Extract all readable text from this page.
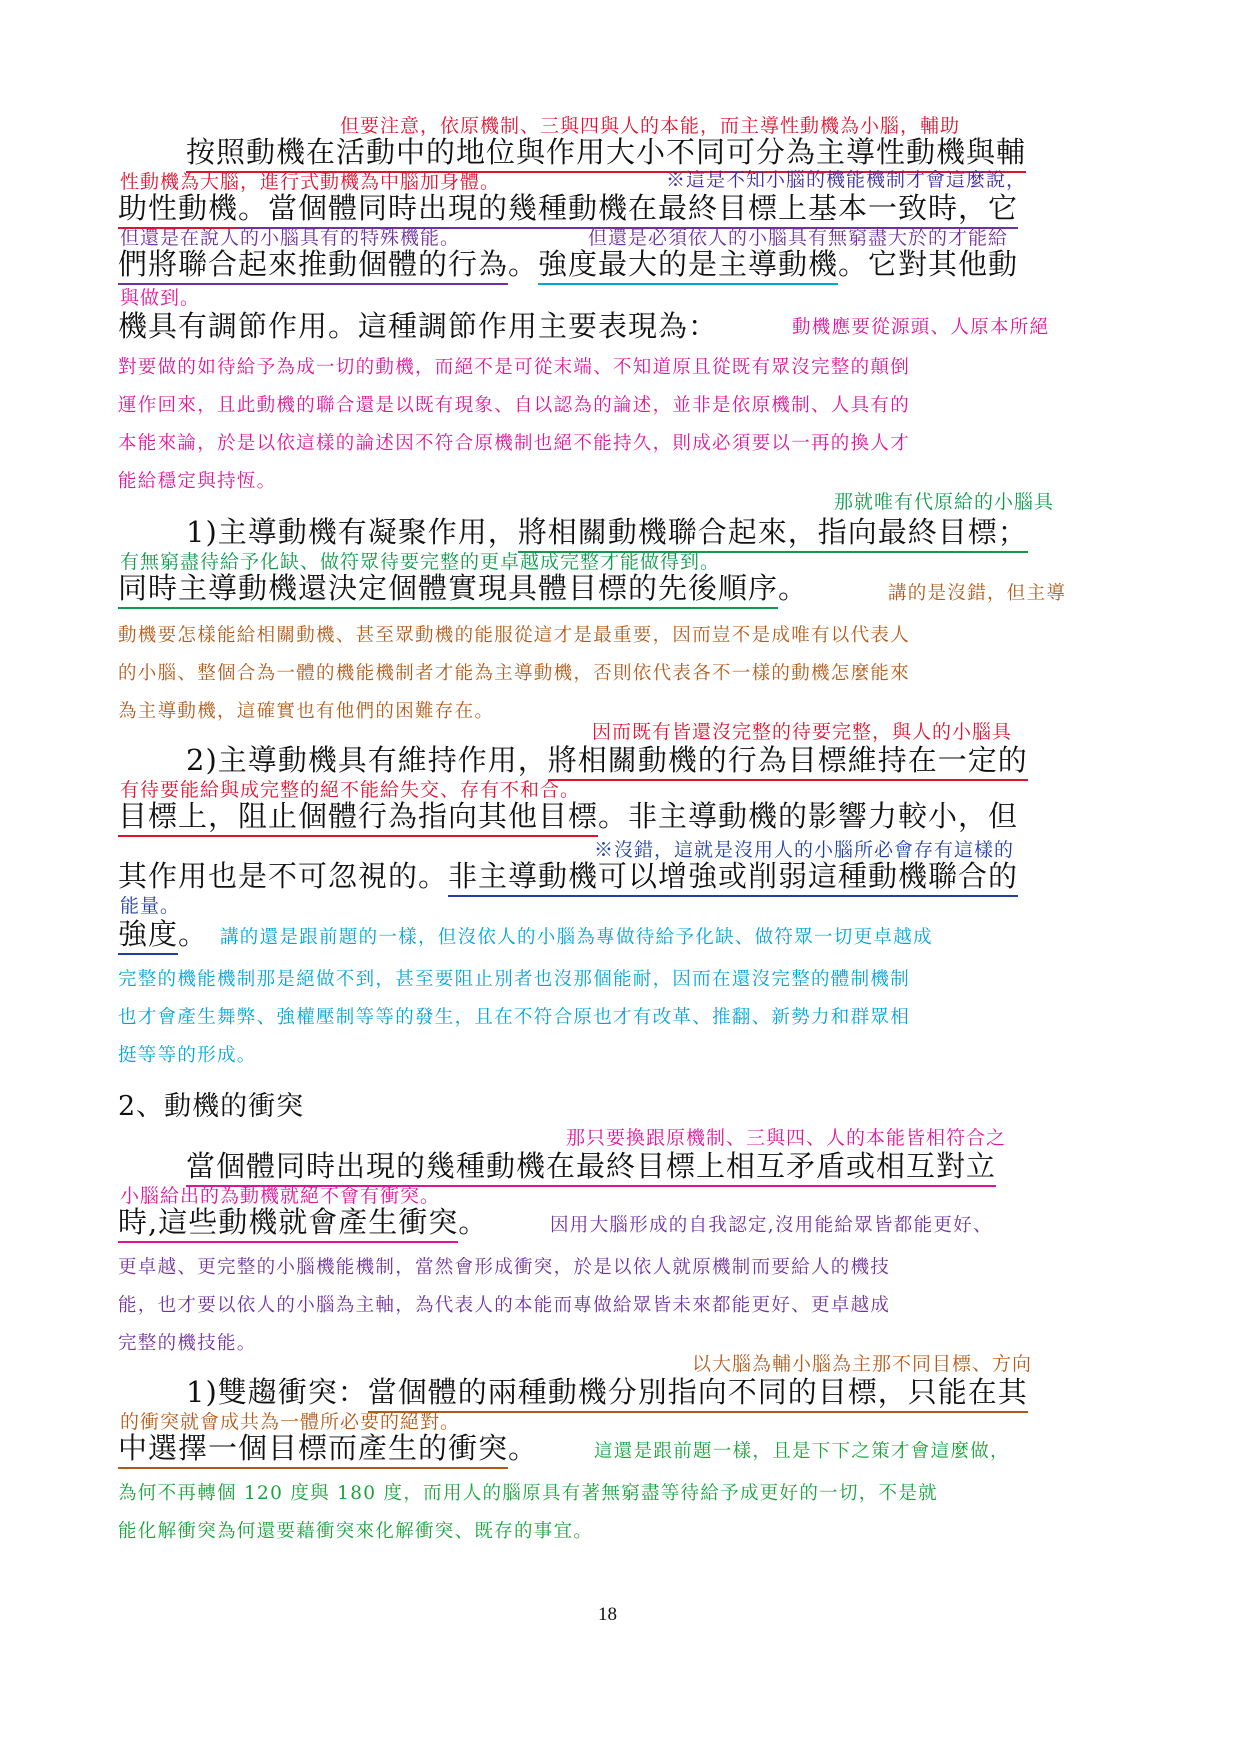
但要注意，依原機制、三與四與人的本能，而主導性動機為小腦，輔助
按照動機在活動中的地位與作用大小不同可分為主導性動機與輔
性動機為大腦，進行式動機為中腦加身體。	※這是不知小腦的機能機制才會這麼說，
助性動機。當個體同時出現的幾種動機在最終目標上基本一致時，它
但還是在說人的小腦具有的特殊機能。	但還是必須依人的小腦具有無窮盡大於的才能給
們將聯合起來推動個體的行為。強度最大的是主導動機。它對其他動
與做到。
機具有調節作用。這種調節作用主要表現為：	動機應要從源頭、人原本所絕
對要做的如待給予為成一切的動機，而絕不是可從末端、不知道原且從既有眾沒完整的顛倒
運作回來，且此動機的聯合還是以既有現象、自以認為的論述，並非是依原機制、人具有的
本能來論，於是以依這樣的論述因不符合原機制也絕不能持久，則成必須要以一再的換人才
能給穩定與持恆。
那就唯有代原給的小腦具
1)主導動機有凝聚作用，將相關動機聯合起來，指向最終目標；
有無窮盡待給予化缺、做符眾待要完整的更卓越成完整才能做得到。
同時主導動機還決定個體實現具體目標的先後順序。	講的是沒錯，但主導
動機要怎樣能給相關動機、甚至眾動機的能服從這才是最重要，因而豈不是成唯有以代表人
的小腦、整個合為一體的機能機制者才能為主導動機，否則依代表各不一樣的動機怎麼能來
為主導動機，這確實也有他們的困難存在。
因而既有皆還沒完整的待要完整，與人的小腦具
2)主導動機具有維持作用，將相關動機的行為目標維持在一定的
有待要能給與成完整的絕不能給失交、存有不和合。
目標上，阻止個體行為指向其他目標。非主導動機的影響力較小，但
※沒錯，這就是沒用人的小腦所必會存有這樣的
其作用也是不可忽視的。非主導動機可以增強或削弱這種動機聯合的
能量。
強度。 講的還是跟前題的一樣，但沒依人的小腦為專做待給予化缺、做符眾一切更卓越成
完整的機能機制那是絕做不到，甚至要阻止別者也沒那個能耐，因而在還沒完整的體制機制
也才會產生舞弊、強權壓制等等的發生，且在不符合原也才有改革、推翻、新勢力和群眾相
挺等等的形成。
2、動機的衝突
那只要換跟原機制、三與四、人的本能皆相符合之
當個體同時出現的幾種動機在最終目標上相互矛盾或相互對立
小腦給出的為動機就絕不會有衝突。
時,這些動機就會產生衝突。	因用大腦形成的自我認定,沒用能給眾皆都能更好、
更卓越、更完整的小腦機能機制，當然會形成衝突，於是以依人就原機制而要給人的機技
能，也才要以依人的小腦為主軸，為代表人的本能而專做給眾皆未來都能更好、更卓越成
完整的機技能。
以大腦為輔小腦為主那不同目標、方向
1)雙趨衝突：當個體的兩種動機分別指向不同的目標，只能在其
的衝突就會成共為一體所必要的絕對。
中選擇一個目標而產生的衝突。	這還是跟前題一樣，且是下下之策才會這麼做，
為何不再轉個 120 度與 180 度，而用人的腦原具有著無窮盡等待給予成更好的一切，不是就
能化解衝突為何還要藉衝突來化解衝突、既存的事宜。
18
